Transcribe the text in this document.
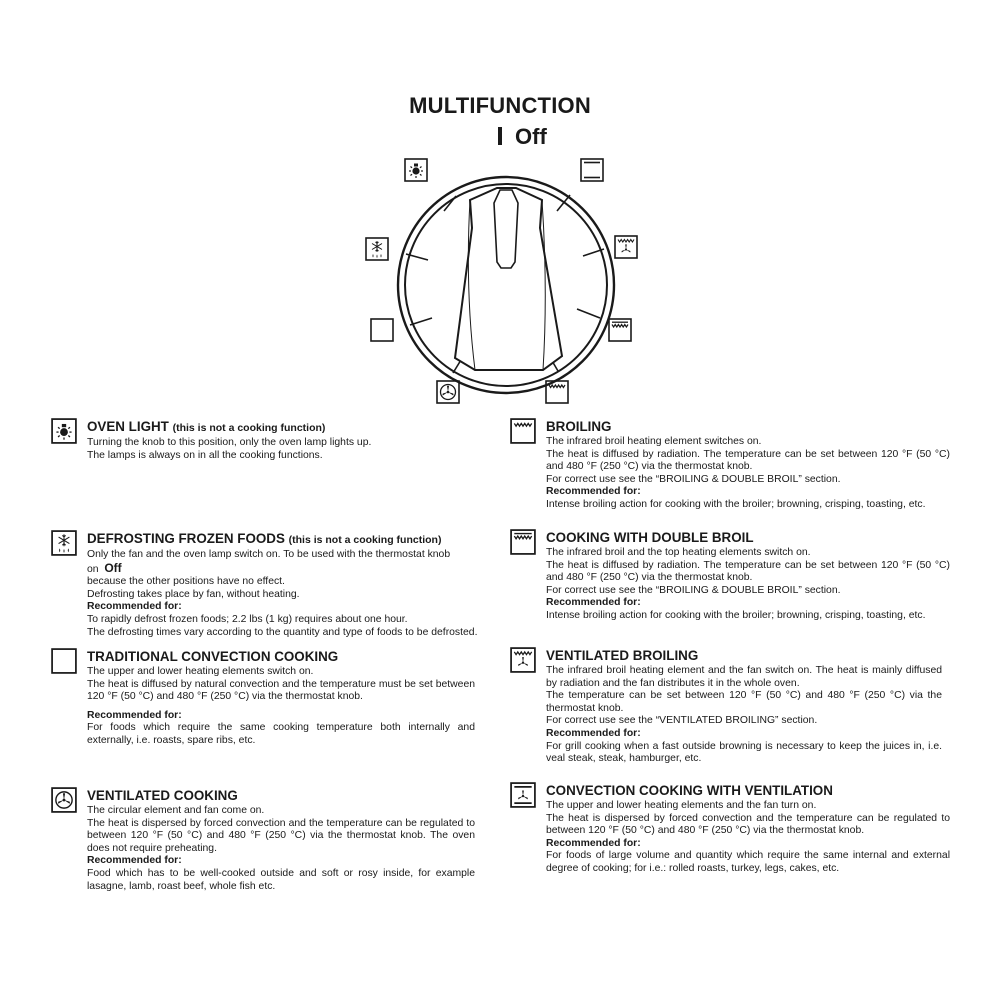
MULTIFUNCTION
Off
OVEN LIGHT (this is not a cooking function)

Turning the knob to this position, only the oven lamp lights up.

The lamps is always on in all the cooking functions.

DEFROSTING FROZEN FOODS (this is not a cooking function)

Only the fan and the oven lamp switch on. To be used with the thermostat knob on Off

because the other positions have no effect.

Defrosting takes place by fan, without heating.

Recommended for:

To rapidly defrost frozen foods; 2.2 lbs (1 kg) requires about one hour.

The defrosting times vary according to the quantity and type of foods to be defrosted.

TRADITIONAL CONVECTION COOKING

The upper and lower heating elements switch on.

The heat is diffused by natural convection and the temperature must be set between 120 °F (50 °C) and 480 °F (250 °C) via the thermostat knob.

Recommended for:

For foods which require the same cooking temperature both internally and externally, i.e. roasts, spare ribs, etc.

VENTILATED COOKING

The circular element and fan come on.

The heat is dispersed by forced convection and the temperature can be regulated to between 120 °F (50 °C) and 480 °F (250 °C) via the thermostat knob. The oven does not require preheating.

Recommended for:

Food which has to be well-cooked outside and soft or rosy inside, for example lasagne, lamb, roast beef, whole fish etc.

BROILING

The infrared broil heating element switches on.

The heat is diffused by radiation. The temperature can be set between 120 °F (50 °C) and 480 °F (250 °C) via the thermostat knob.

For correct use see the “BROILING & DOUBLE BROIL” section.

Recommended for:

Intense broiling action for cooking with the broiler; browning, crisping, toasting, etc.

COOKING WITH DOUBLE BROIL

The infrared broil and the top heating elements switch on.

The heat is diffused by radiation. The temperature can be set between 120 °F (50 °C) and 480 °F (250 °C) via the thermostat knob.

For correct use see the “BROILING & DOUBLE BROIL” section.

Recommended for:

Intense broiling action for cooking with the broiler; browning, crisping, toasting, etc.

VENTILATED BROILING

The infrared broil heating element and the fan switch on. The heat is mainly diffused by radiation and the fan distributes it in the whole oven.

The temperature can be set between 120 °F (50 °C) and 480 °F (250 °C) via the thermostat knob.

For correct use see the “VENTILATED BROILING” section.

Recommended for:

For grill cooking when a fast outside browning is necessary to keep the juices in, i.e. veal steak, steak, hamburger, etc.

CONVECTION COOKING WITH VENTILATION

The upper and lower heating elements and the fan turn on.

The heat is dispersed by forced convection and the temperature can be regulated to between 120 °F (50 °C) and 480 °F (250 °C) via the thermostat knob.

Recommended for:

For foods of large volume and quantity which require the same internal and external degree of cooking; for i.e.: rolled roasts, turkey, legs, cakes, etc.
